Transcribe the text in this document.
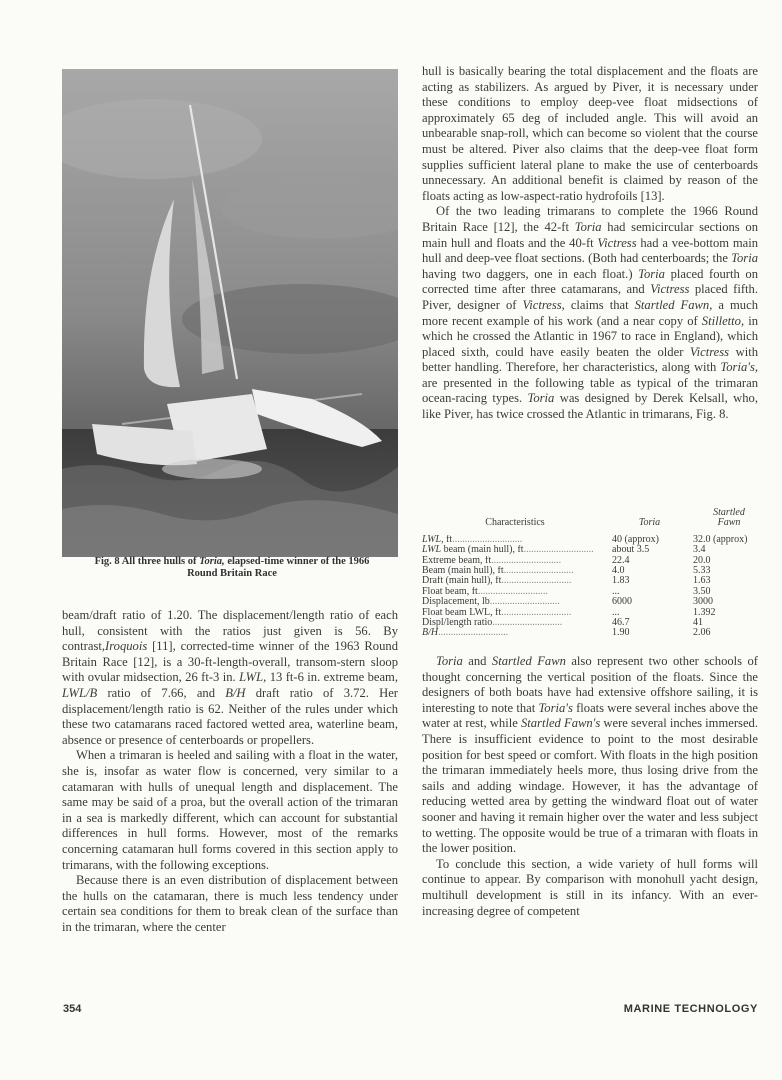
Fig. 8 All three hulls of Toria, elapsed-time winner of the 1966
Round Britain Race

beam/draft ratio of 1.20. The displacement/length ratio of each hull, consistent with the ratios just given is 56. By contrast,Iroquois [11], corrected-time winner of the 1963 Round Britain Race [12], is a 30-ft-length-overall, transom-stern sloop with ovular midsection, 26 ft-3 in. LWL, 13 ft-6 in. extreme beam, LWL/B ratio of 7.66, and B/H draft ratio of 3.72. Her displacement/length ratio is 62. Neither of the rules under which these two catamarans raced factored wetted area, waterline beam, absence or presence of centerboards or propellers.

When a trimaran is heeled and sailing with a float in the water, she is, insofar as water flow is concerned, very similar to a catamaran with hulls of unequal length and displacement. The same may be said of a proa, but the overall action of the trimaran in a sea is markedly different, which can account for substantial differences in hull forms. However, most of the remarks concerning catamaran hull forms covered in this section apply to trimarans, with the following exceptions.

Because there is an even distribution of displacement between the hulls on the catamaran, there is much less tendency under certain sea conditions for them to break clean of the surface than in the trimaran, where the center

hull is basically bearing the total displacement and the floats are acting as stabilizers. As argued by Piver, it is necessary under these conditions to employ deep-vee float midsections of approximately 65 deg of included angle. This will avoid an unbearable snap-roll, which can become so violent that the course must be altered. Piver also claims that the deep-vee float form supplies sufficient lateral plane to make the use of centerboards unnecessary. An additional benefit is claimed by reason of the floats acting as low-aspect-ratio hydrofoils [13].

Of the two leading trimarans to complete the 1966 Round Britain Race [12], the 42-ft Toria had semicircular sections on main hull and floats and the 40-ft Victress had a vee-bottom main hull and deep-vee float sections. (Both had centerboards; the Toria having two daggers, one in each float.) Toria placed fourth on corrected time after three catamarans, and Victress placed fifth. Piver, designer of Victress, claims that Startled Fawn, a much more recent example of his work (and a near copy of Stilletto, in which he crossed the Atlantic in 1967 to race in England), which placed sixth, could have easily beaten the older Victress with better handling. Therefore, her characteristics, along with Toria's, are presented in the following table as typical of the trimaran ocean-racing types. Toria was designed by Derek Kelsall, who, like Piver, has twice crossed the Atlantic in trimarans, Fig. 8.

Characteristics	Toria	Startled
Fawn
LWL, ft............................	40 (approx)	32.0 (approx)
LWL beam (main hull), ft............................	about 3.5	3.4
Extreme beam, ft............................	22.4	20.0
Beam (main hull), ft............................	4.0	5.33
Draft (main hull), ft............................	1.83	1.63
Float beam, ft............................	...	3.50
Displacement, lb............................	6000	3000
Float beam LWL, ft............................	...	1.392
Displ/length ratio............................	46.7	41
B/H............................	1.90	2.06

Toria and Startled Fawn also represent two other schools of thought concerning the vertical position of the floats. Since the designers of both boats have had extensive offshore sailing, it is interesting to note that Toria's floats were several inches above the water at rest, while Startled Fawn's were several inches immersed. There is insufficient evidence to point to the most desirable position for best speed or comfort. With floats in the high position the trimaran immediately heels more, thus losing drive from the sails and adding windage. However, it has the advantage of reducing wetted area by getting the windward float out of water sooner and having it remain higher over the water and less subject to wetting. The opposite would be true of a trimaran with floats in the lower position.

To conclude this section, a wide variety of hull forms will continue to appear. By comparison with monohull yacht design, multihull development is still in its infancy. With an ever-increasing degree of competent

354	MARINE TECHNOLOGY
